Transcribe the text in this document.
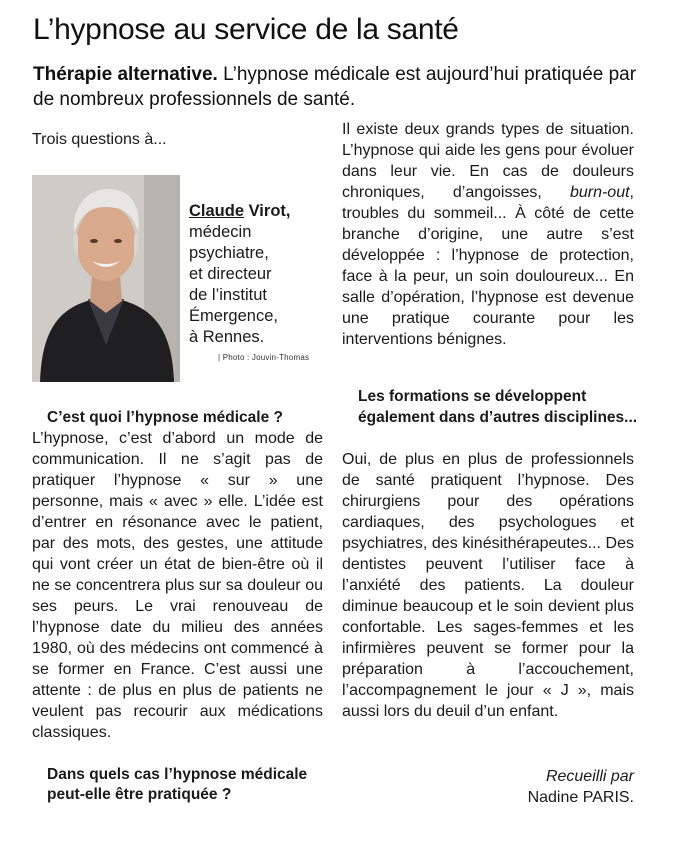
L’hypnose au service de la santé

Thérapie alternative. L’hypnose médicale est aujourd’hui pratiquée par de nombreux professionnels de santé.

Trois questions à...

Claude Virot,
médecin
psychiatre,
et directeur
de l’institut
Émergence,
à Rennes.
| Photo : Jouvin-Thomas

C’est quoi l’hypnose médicale ?

L’hypnose, c’est d’abord un mode de communication. Il ne s’agit pas de pratiquer l’hypnose « sur » une personne, mais « avec » elle. L’idée est d’entrer en résonance avec le patient, par des mots, des gestes, une attitude qui vont créer un état de bien-être où il ne se concentrera plus sur sa douleur ou ses peurs. Le vrai renouveau de l’hypnose date du milieu des années 1980, où des médecins ont commencé à se former en France. C’est aussi une attente : de plus en plus de patients ne veulent pas recourir aux médications classiques.

Dans quels cas l’hypnose médicale peut-elle être pratiquée ?

Il existe deux grands types de situation. L’hypnose qui aide les gens pour évoluer dans leur vie. En cas de douleurs chroniques, d’angoisses, burn-out, troubles du sommeil... À côté de cette branche d’origine, une autre s’est développée : l’hypnose de protection, face à la peur, un soin douloureux... En salle d’opération, l’hypnose est devenue une pratique courante pour les interventions bénignes.

Les formations se développent également dans d’autres disciplines...

Oui, de plus en plus de professionnels de santé pratiquent l’hypnose. Des chirurgiens pour des opérations cardiaques, des psychologues et psychiatres, des kinésithérapeutes... Des dentistes peuvent l’utiliser face à l’anxiété des patients. La douleur diminue beaucoup et le soin devient plus confortable. Les sages-femmes et les infirmières peuvent se former pour la préparation à l’accouchement, l’accompagnement le jour « J », mais aussi lors du deuil d’un enfant.

Recueilli par
Nadine PARIS.
